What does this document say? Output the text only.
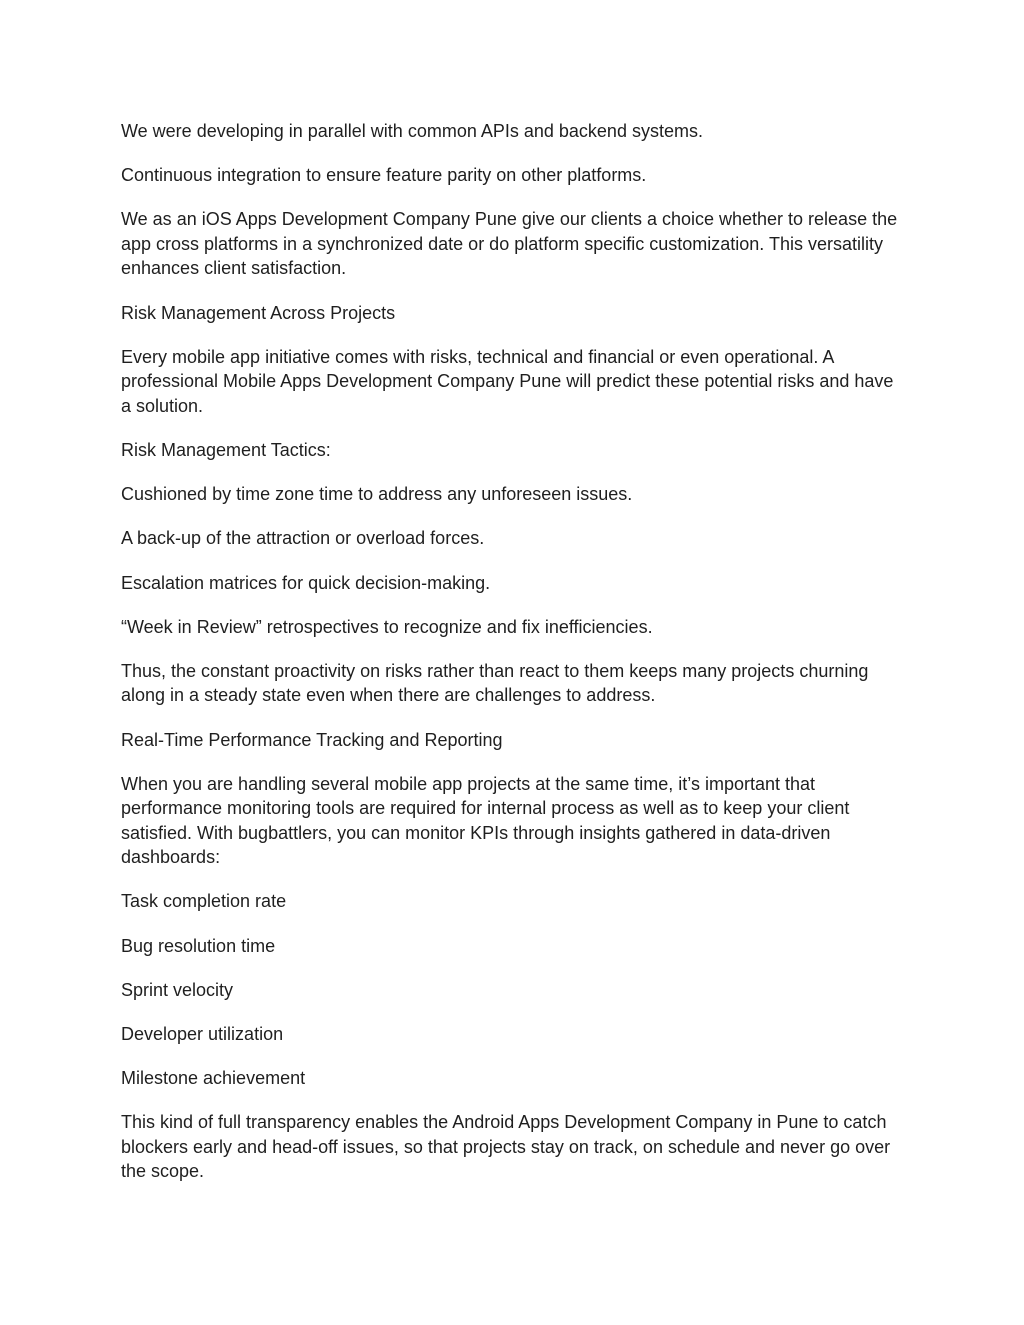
We were developing in parallel with common APIs and backend systems.

Continuous integration to ensure feature parity on other platforms.

We as an iOS Apps Development Company Pune give our clients a choice whether to release the app cross platforms in a synchronized date or do platform specific customization. This versatility enhances client satisfaction.

Risk Management Across Projects

Every mobile app initiative comes with risks, technical and financial or even operational. A professional Mobile Apps Development Company Pune will predict these potential risks and have a solution.

Risk Management Tactics:

Cushioned by time zone time to address any unforeseen issues.

A back-up of the attraction or overload forces.

Escalation matrices for quick decision-making.

“Week in Review” retrospectives to recognize and fix inefficiencies.

Thus, the constant proactivity on risks rather than react to them keeps many projects churning along in a steady state even when there are challenges to address.

Real-Time Performance Tracking and Reporting

When you are handling several mobile app projects at the same time, it’s important that performance monitoring tools are required for internal process as well as to keep your client satisfied. With bugbattlers, you can monitor KPIs through insights gathered in data-driven dashboards:

Task completion rate

Bug resolution time

Sprint velocity

Developer utilization

Milestone achievement

This kind of full transparency enables the Android Apps Development Company in Pune to catch blockers early and head-off issues, so that projects stay on track, on schedule and never go over the scope.
